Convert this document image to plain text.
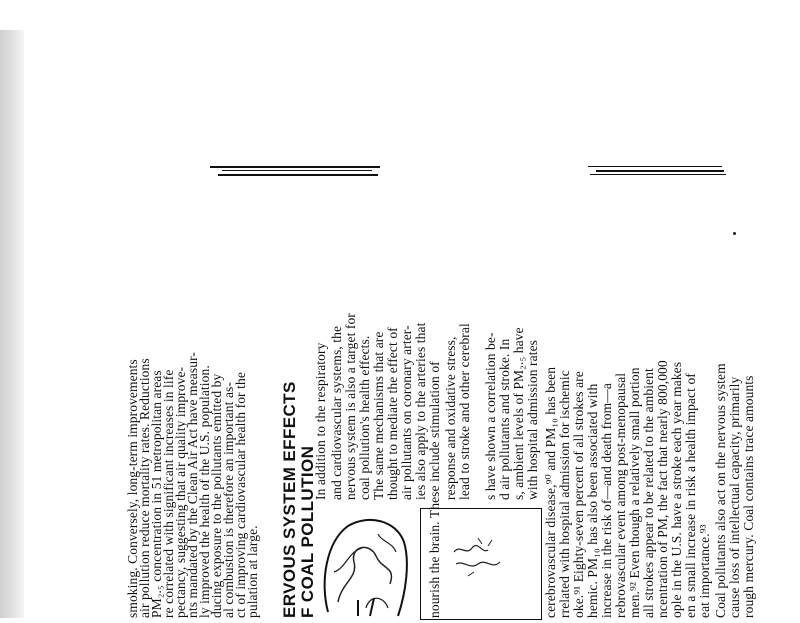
smoking. Conversely, long-term improvements
air pollution reduce mortality rates. Reductions
PM₂.₅ concentration in 51 metropolitan areas
re correlated with significant increases in life
pectancy, suggesting that air quality improve-
nts mandated by the Clean Air Act have measur-
ly improved the health of the U.S. population.
ducing exposure to the pollutants emitted by
al combustion is therefore an important as-
ct of improving cardiovascular health for the
pulation at large. ERVOUS SYSTEM EFFECTS F COAL POLLUTION
In addition to the respiratory and cardiovascular systems, the nervous system is also a target for coal pollution's health effects. The same mechanisms that are thought to mediate the effect of air pollutants on coronary arter- ies also apply to the arteries that nourish the brain. These include stimulation of response and oxidative stress, lead to stroke and other cerebral s have shown a correlation be- d air pollutants and stroke. In s, ambient levels of PM₂.₅ have with hospital admission rates cerebrovascular disease,⁹⁰ and PM₁₀ has been rrelated with hospital admission for ischemic oke.⁹¹ Eighty-seven percent of all strokes are hemic. PM₁₀ has also been associated with increase in the risk of—and death from—a rebrovascular event among post-menopausal men.⁹² Even though a relatively small portion all strokes appear to be related to the ambient ncentration of PM, the fact that nearly 800,000 ople in the U.S. have a stroke each year makes en a small increase in risk a health impact of eat importance.⁹³ Coal pollutants also act on the nervous system cause loss of intellectual capacity, primarily rough mercury. Coal contains trace amounts
